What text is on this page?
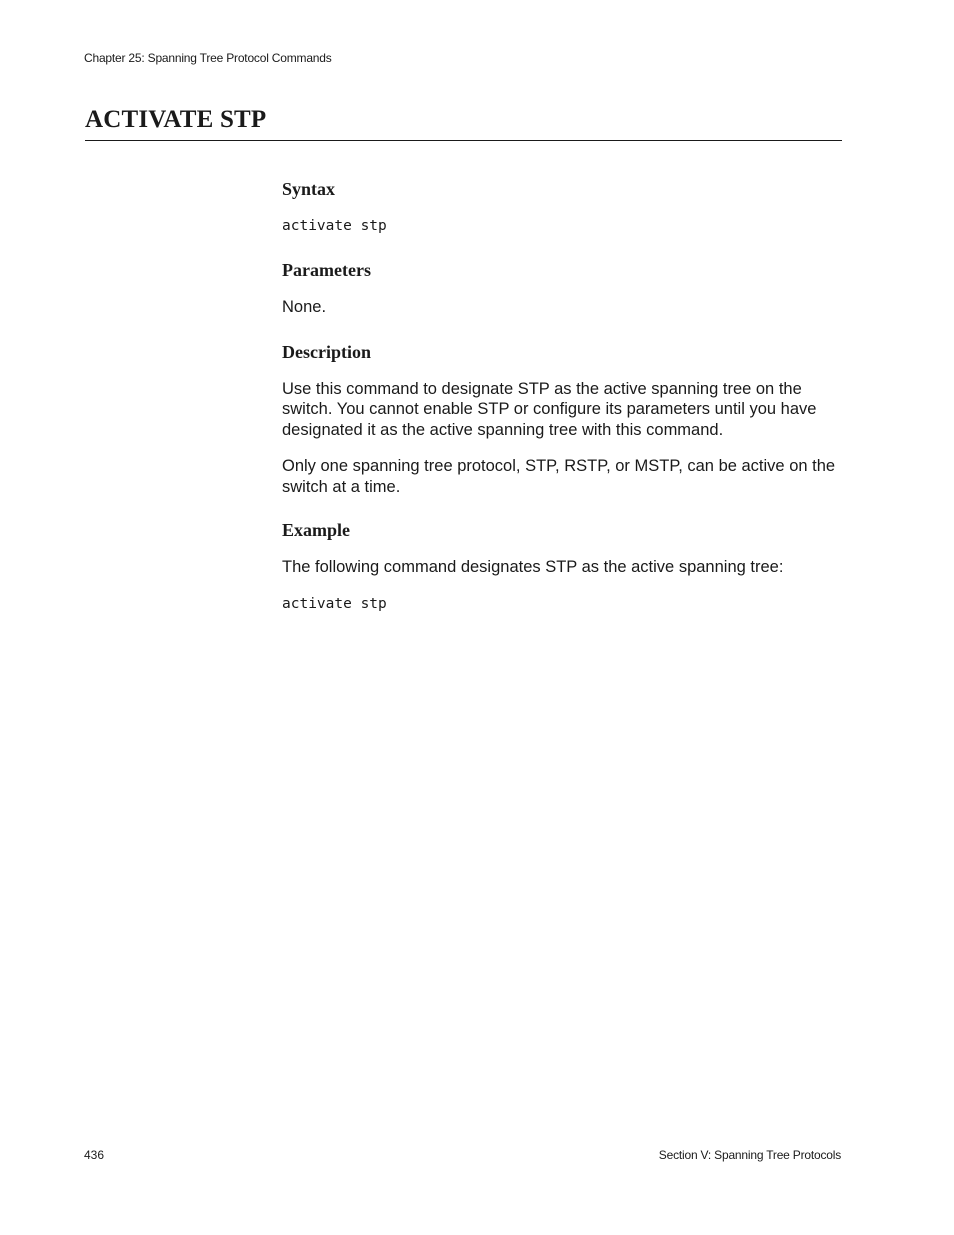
Chapter 25: Spanning Tree Protocol Commands
ACTIVATE STP
Syntax

activate stp

Parameters

None.

Description

Use this command to designate STP as the active spanning tree on the switch. You cannot enable STP or configure its parameters until you have designated it as the active spanning tree with this command.

Only one spanning tree protocol, STP, RSTP, or MSTP, can be active on the switch at a time.

Example

The following command designates STP as the active spanning tree:

activate stp

436	Section V: Spanning Tree Protocols
